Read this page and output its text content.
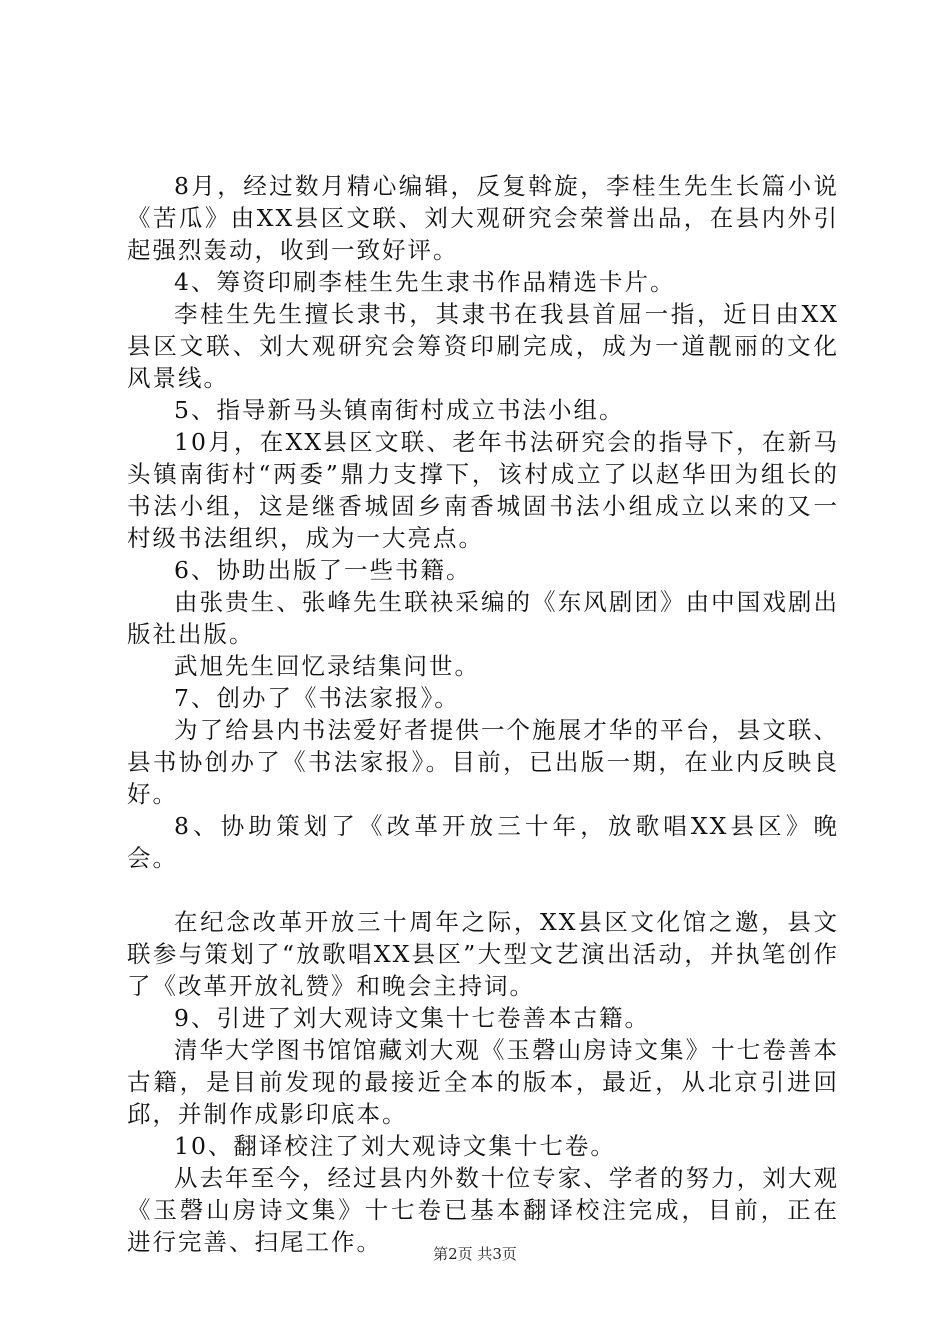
8月，经过数月精心编辑，反复斡旋，李桂生先生长篇小说《苦瓜》由XX县区文联、刘大观研究会荣誉出品，在县内外引起强烈轰动，收到一致好评。

4、筹资印刷李桂生先生隶书作品精选卡片。

李桂生先生擅长隶书，其隶书在我县首屈一指，近日由XX县区文联、刘大观研究会筹资印刷完成，成为一道靓丽的文化风景线。

5、指导新马头镇南街村成立书法小组。

10月，在XX县区文联、老年书法研究会的指导下，在新马头镇南街村“两委”鼎力支撑下，该村成立了以赵华田为组长的书法小组，这是继香城固乡南香城固书法小组成立以来的又一村级书法组织，成为一大亮点。

6、协助出版了一些书籍。

由张贵生、张峰先生联袂采编的《东风剧团》由中国戏剧出版社出版。

武旭先生回忆录结集问世。

7、创办了《书法家报》。

为了给县内书法爱好者提供一个施展才华的平台，县文联、县书协创办了《书法家报》。目前，已出版一期，在业内反映良好。

8、协助策划了《改革开放三十年，放歌唱XX县区》晚会。

在纪念改革开放三十周年之际，XX县区文化馆之邀，县文联参与策划了“放歌唱XX县区”大型文艺演出活动，并执笔创作了《改革开放礼赞》和晚会主持词。

9、引进了刘大观诗文集十七卷善本古籍。

清华大学图书馆馆藏刘大观《玉磬山房诗文集》十七卷善本古籍，是目前发现的最接近全本的版本，最近，从北京引进回邱，并制作成影印底本。

10、翻译校注了刘大观诗文集十七卷。

从去年至今，经过县内外数十位专家、学者的努力，刘大观《玉磬山房诗文集》十七卷已基本翻译校注完成，目前，正在进行完善、扫尾工作。	第2页 共3页
